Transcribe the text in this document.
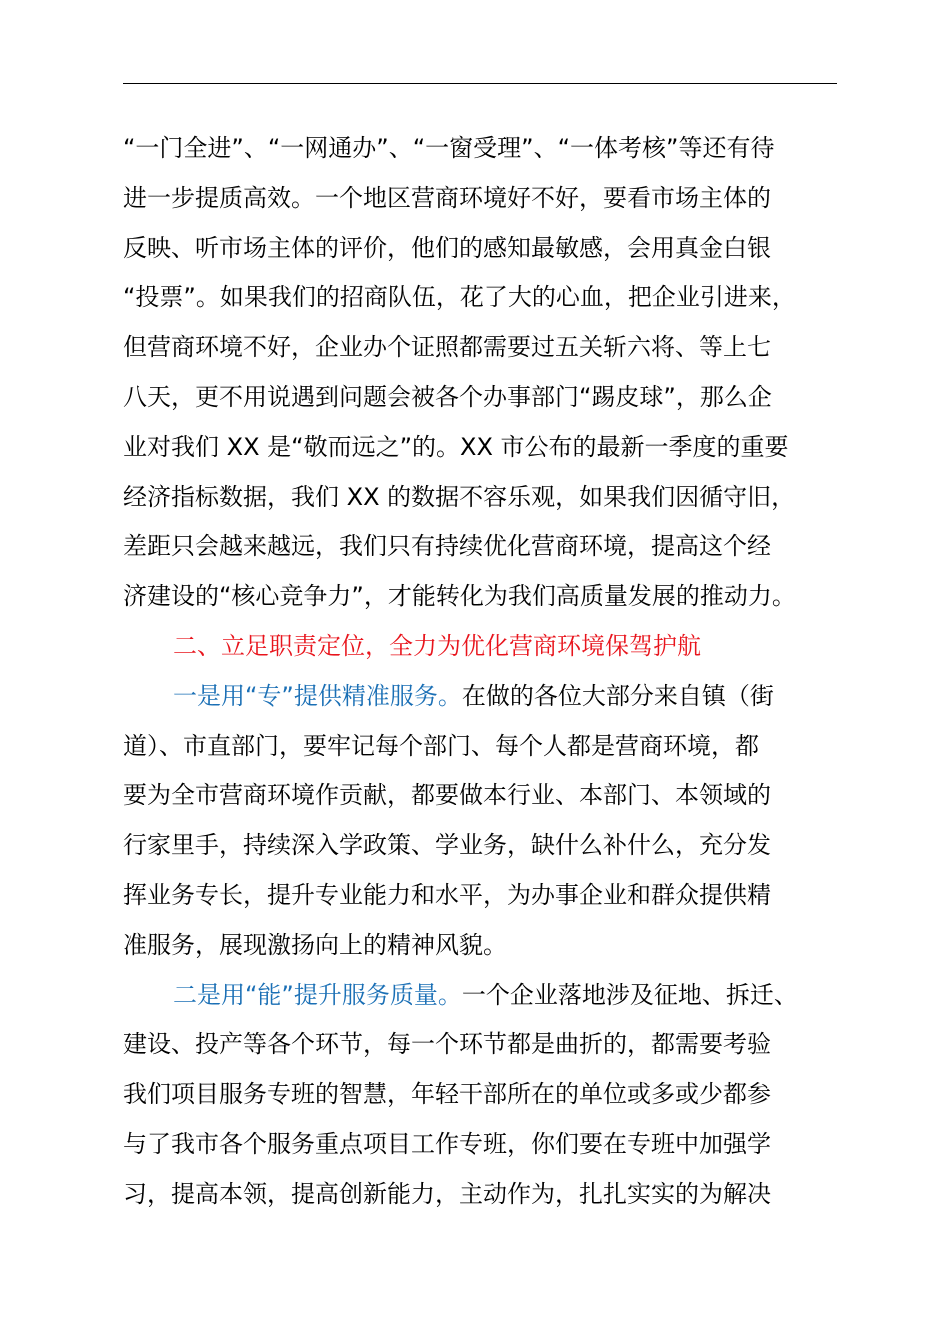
“一门全进”、“一网通办”、“一窗受理”、“一体考核”等还有待
进一步提质高效。一个地区营商环境好不好，要看市场主体的
反映、听市场主体的评价，他们的感知最敏感，会用真金白银
“投票”。如果我们的招商队伍，花了大的心血，把企业引进来，
但营商环境不好，企业办个证照都需要过五关斩六将、等上七
八天，更不用说遇到问题会被各个办事部门“踢皮球”，那么企
业对我们 XX 是“敬而远之”的。XX 市公布的最新一季度的重要
经济指标数据，我们 XX 的数据不容乐观，如果我们因循守旧，
差距只会越来越远，我们只有持续优化营商环境，提高这个经
济建设的“核心竞争力”，才能转化为我们高质量发展的推动力。
二、立足职责定位，全力为优化营商环境保驾护航
一是用“专”提供精准服务。在做的各位大部分来自镇（街
道）、市直部门，要牢记每个部门、每个人都是营商环境，都
要为全市营商环境作贡献，都要做本行业、本部门、本领域的
行家里手，持续深入学政策、学业务，缺什么补什么，充分发
挥业务专长，提升专业能力和水平，为办事企业和群众提供精
准服务，展现激扬向上的精神风貌。
二是用“能”提升服务质量。一个企业落地涉及征地、拆迁、
建设、投产等各个环节，每一个环节都是曲折的，都需要考验
我们项目服务专班的智慧，年轻干部所在的单位或多或少都参
与了我市各个服务重点项目工作专班，你们要在专班中加强学
习，提高本领，提高创新能力，主动作为，扎扎实实的为解决
